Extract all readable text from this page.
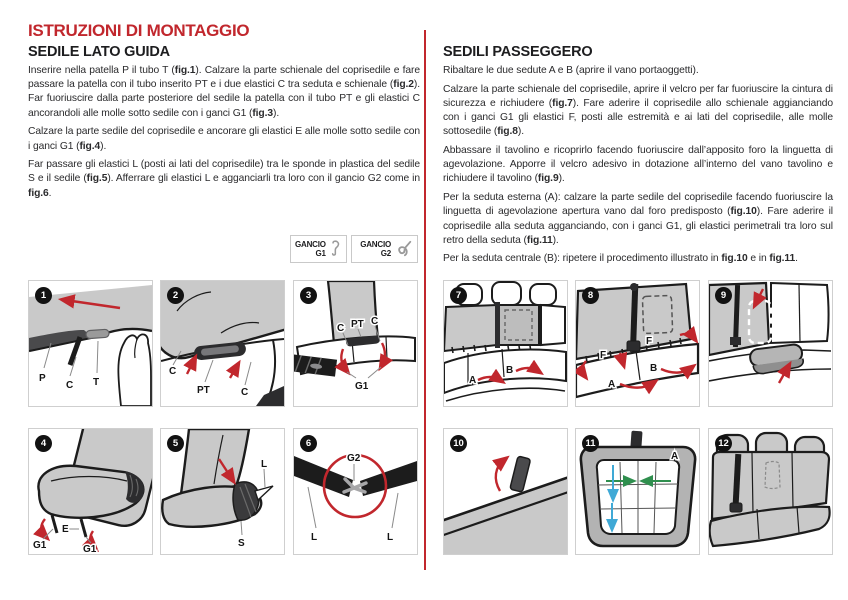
ISTRUZIONI DI MONTAGGIO
SEDILE LATO GUIDA

Inserire nella patella P il tubo T (fig.1). Calzare la parte schienale del coprisedile e fare passare la patella con il tubo inserito PT e i due elastici C tra seduta e schienale (fig.2). Far fuoriuscire dalla parte posteriore del sedile la patella con il tubo PT e gli elastici C ancorandoli alle molle sotto sedile con i ganci G1 (fig.3).

Calzare la parte sedile del coprisedile e ancorare gli elastici E alle molle sotto sedile con i ganci G1 (fig.4).

Far passare gli elastici L (posti ai lati del coprisedile) tra le sponde in plastica del sedile S e il sedile (fig.5). Afferrare gli elastici L e agganciarli tra loro con il gancio G2 come in fig.6.

SEDILI PASSEGGERO

Ribaltare le due sedute A e B (aprire il vano portaoggetti).

Calzare la parte schienale del coprisedile, aprire il velcro per far fuoriuscire la cintura di sicurezza e richiudere (fig.7). Fare aderire il coprisedile allo schienale aggianciando con i ganci G1 gli elastici F, posti alle estremità e ai lati del coprisedile, alle molle sottosedile (fig.8).

Abbassare il tavolino e ricoprirlo facendo fuoriuscire dall’apposito foro la linguetta di agevolazione. Apporre il velcro adesivo in dotazione all’interno del vano tavolino e richiudere il tavolino (fig.9).

Per la seduta esterna (A): calzare la parte sedile del coprisedile facendo fuoriuscire la linguetta di agevolazione apertura vano dal foro predisposto (fig.10). Fare aderire il coprisedile alla seduta agganciando, con i ganci G1, gli elastici perimetrali tra loro sul retro della seduta (fig.11).

Per la seduta centrale (B): ripetere il procedimento illustrato in fig.10 e in fig.11.

GANCIO
G1
GANCIO
G2
1
P
C T
2
C
PT	C
3
C PT C
G1
4
G1
E
G1
5
L
S
6
G2
L	L
7
A
B
8
F
F
A
B
9
10	11
A
12
